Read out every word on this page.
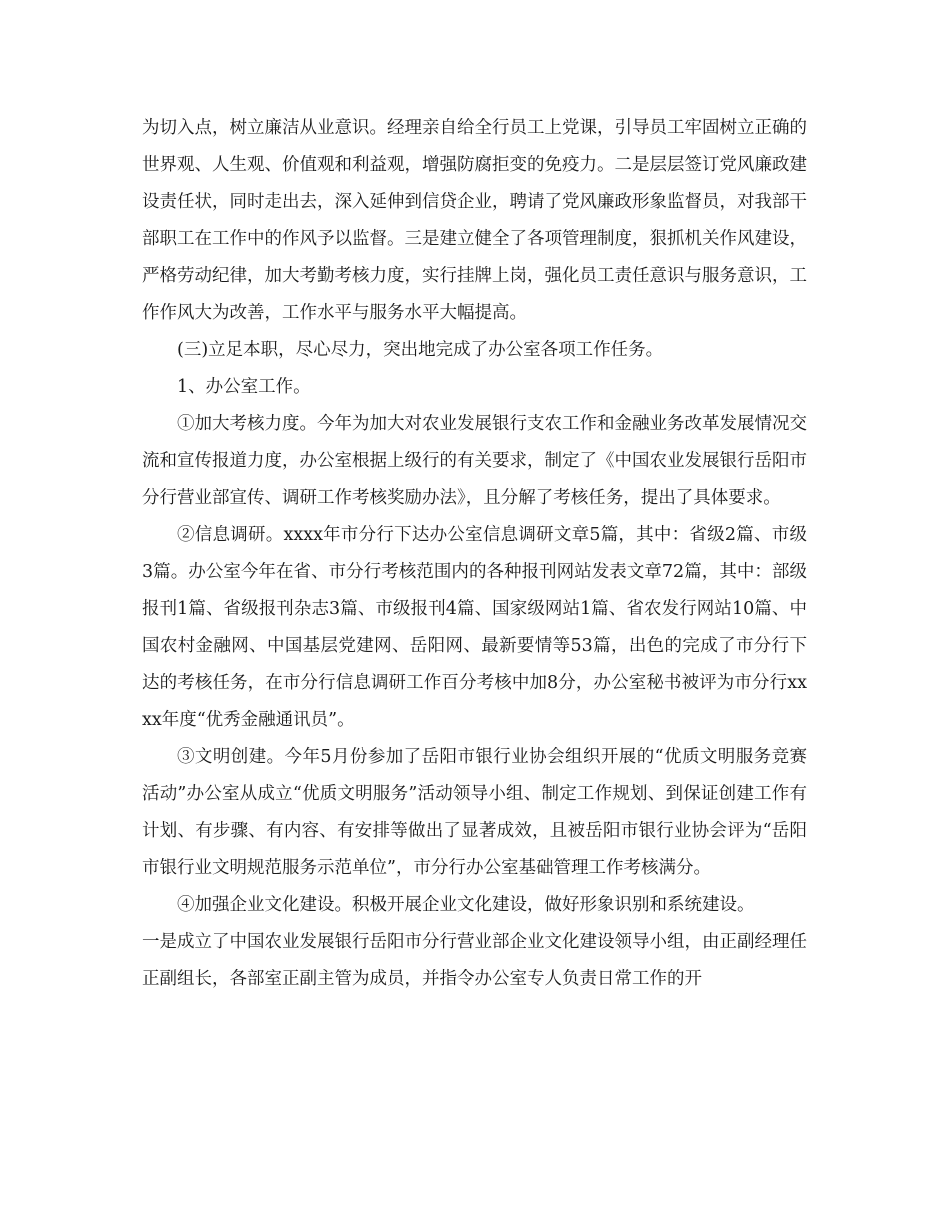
为切入点，树立廉洁从业意识。经理亲自给全行员工上党课，引导员工牢固树立正确的世界观、人生观、价值观和利益观，增强防腐拒变的免疫力。二是层层签订党风廉政建设责任状，同时走出去，深入延伸到信贷企业，聘请了党风廉政形象监督员，对我部干部职工在工作中的作风予以监督。三是建立健全了各项管理制度，狠抓机关作风建设，严格劳动纪律，加大考勤考核力度，实行挂牌上岗，强化员工责任意识与服务意识，工作作风大为改善，工作水平与服务水平大幅提高。

(三)立足本职，尽心尽力，突出地完成了办公室各项工作任务。

1、办公室工作。

①加大考核力度。今年为加大对农业发展银行支农工作和金融业务改革发展情况交流和宣传报道力度，办公室根据上级行的有关要求，制定了《中国农业发展银行岳阳市分行营业部宣传、调研工作考核奖励办法》，且分解了考核任务，提出了具体要求。

②信息调研。xxxx年市分行下达办公室信息调研文章5篇，其中：省级2篇、市级3篇。办公室今年在省、市分行考核范围内的各种报刊网站发表文章72篇，其中：部级报刊1篇、省级报刊杂志3篇、市级报刊4篇、国家级网站1篇、省农发行网站10篇、中国农村金融网、中国基层党建网、岳阳网、最新要情等53篇，出色的完成了市分行下达的考核任务，在市分行信息调研工作百分考核中加8分，办公室秘书被评为市分行xxxx年度“优秀金融通讯员”。

③文明创建。今年5月份参加了岳阳市银行业协会组织开展的“优质文明服务竞赛活动”办公室从成立“优质文明服务”活动领导小组、制定工作规划、到保证创建工作有计划、有步骤、有内容、有安排等做出了显著成效，且被岳阳市银行业协会评为“岳阳市银行业文明规范服务示范单位”，市分行办公室基础管理工作考核满分。

④加强企业文化建设。积极开展企业文化建设，做好形象识别和系统建设。

一是成立了中国农业发展银行岳阳市分行营业部企业文化建设领导小组，由正副经理任正副组长，各部室正副主管为成员，并指令办公室专人负责日常工作的开
